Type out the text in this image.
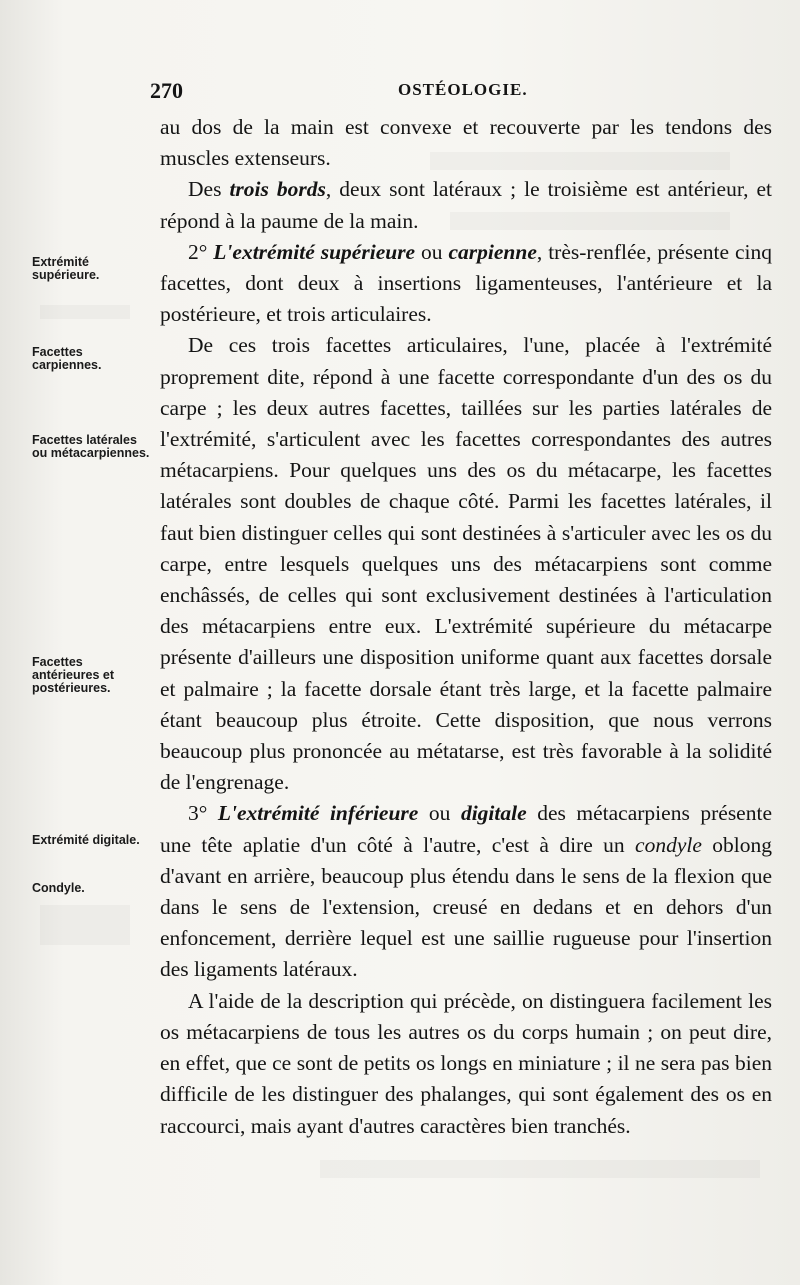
270	OSTÉOLOGIE.
Extrémité supérieure.
Facettes carpiennes.
Facettes latérales ou métacarpiennes.
Facettes antérieures et postérieures.
Extrémité digitale.
Condyle.

au dos de la main est convexe et recouverte par les tendons des muscles extenseurs.

Des trois bords, deux sont latéraux ; le troisième est antérieur, et répond à la paume de la main.

2° L'extrémité supérieure ou carpienne, très-renflée, présente cinq facettes, dont deux à insertions ligamenteuses, l'antérieure et la postérieure, et trois articulaires.

De ces trois facettes articulaires, l'une, placée à l'extrémité proprement dite, répond à une facette correspondante d'un des os du carpe ; les deux autres facettes, taillées sur les parties latérales de l'extrémité, s'articulent avec les facettes correspondantes des autres métacarpiens. Pour quelques uns des os du métacarpe, les facettes latérales sont doubles de chaque côté. Parmi les facettes latérales, il faut bien distinguer celles qui sont destinées à s'articuler avec les os du carpe, entre lesquels quelques uns des métacarpiens sont comme enchâssés, de celles qui sont exclusivement destinées à l'articulation des métacarpiens entre eux. L'extrémité supérieure du métacarpe présente d'ailleurs une disposition uniforme quant aux facettes dorsale et palmaire ; la facette dorsale étant très large, et la facette palmaire étant beaucoup plus étroite. Cette disposition, que nous verrons beaucoup plus prononcée au métatarse, est très favorable à la solidité de l'engrenage.

3° L'extrémité inférieure ou digitale des métacarpiens présente une tête aplatie d'un côté à l'autre, c'est à dire un condyle oblong d'avant en arrière, beaucoup plus étendu dans le sens de la flexion que dans le sens de l'extension, creusé en dedans et en dehors d'un enfoncement, derrière lequel est une saillie rugueuse pour l'insertion des ligaments latéraux.

A l'aide de la description qui précède, on distinguera facilement les os métacarpiens de tous les autres os du corps humain ; on peut dire, en effet, que ce sont de petits os longs en miniature ; il ne sera pas bien difficile de les distinguer des phalanges, qui sont également des os en raccourci, mais ayant d'autres caractères bien tranchés.
